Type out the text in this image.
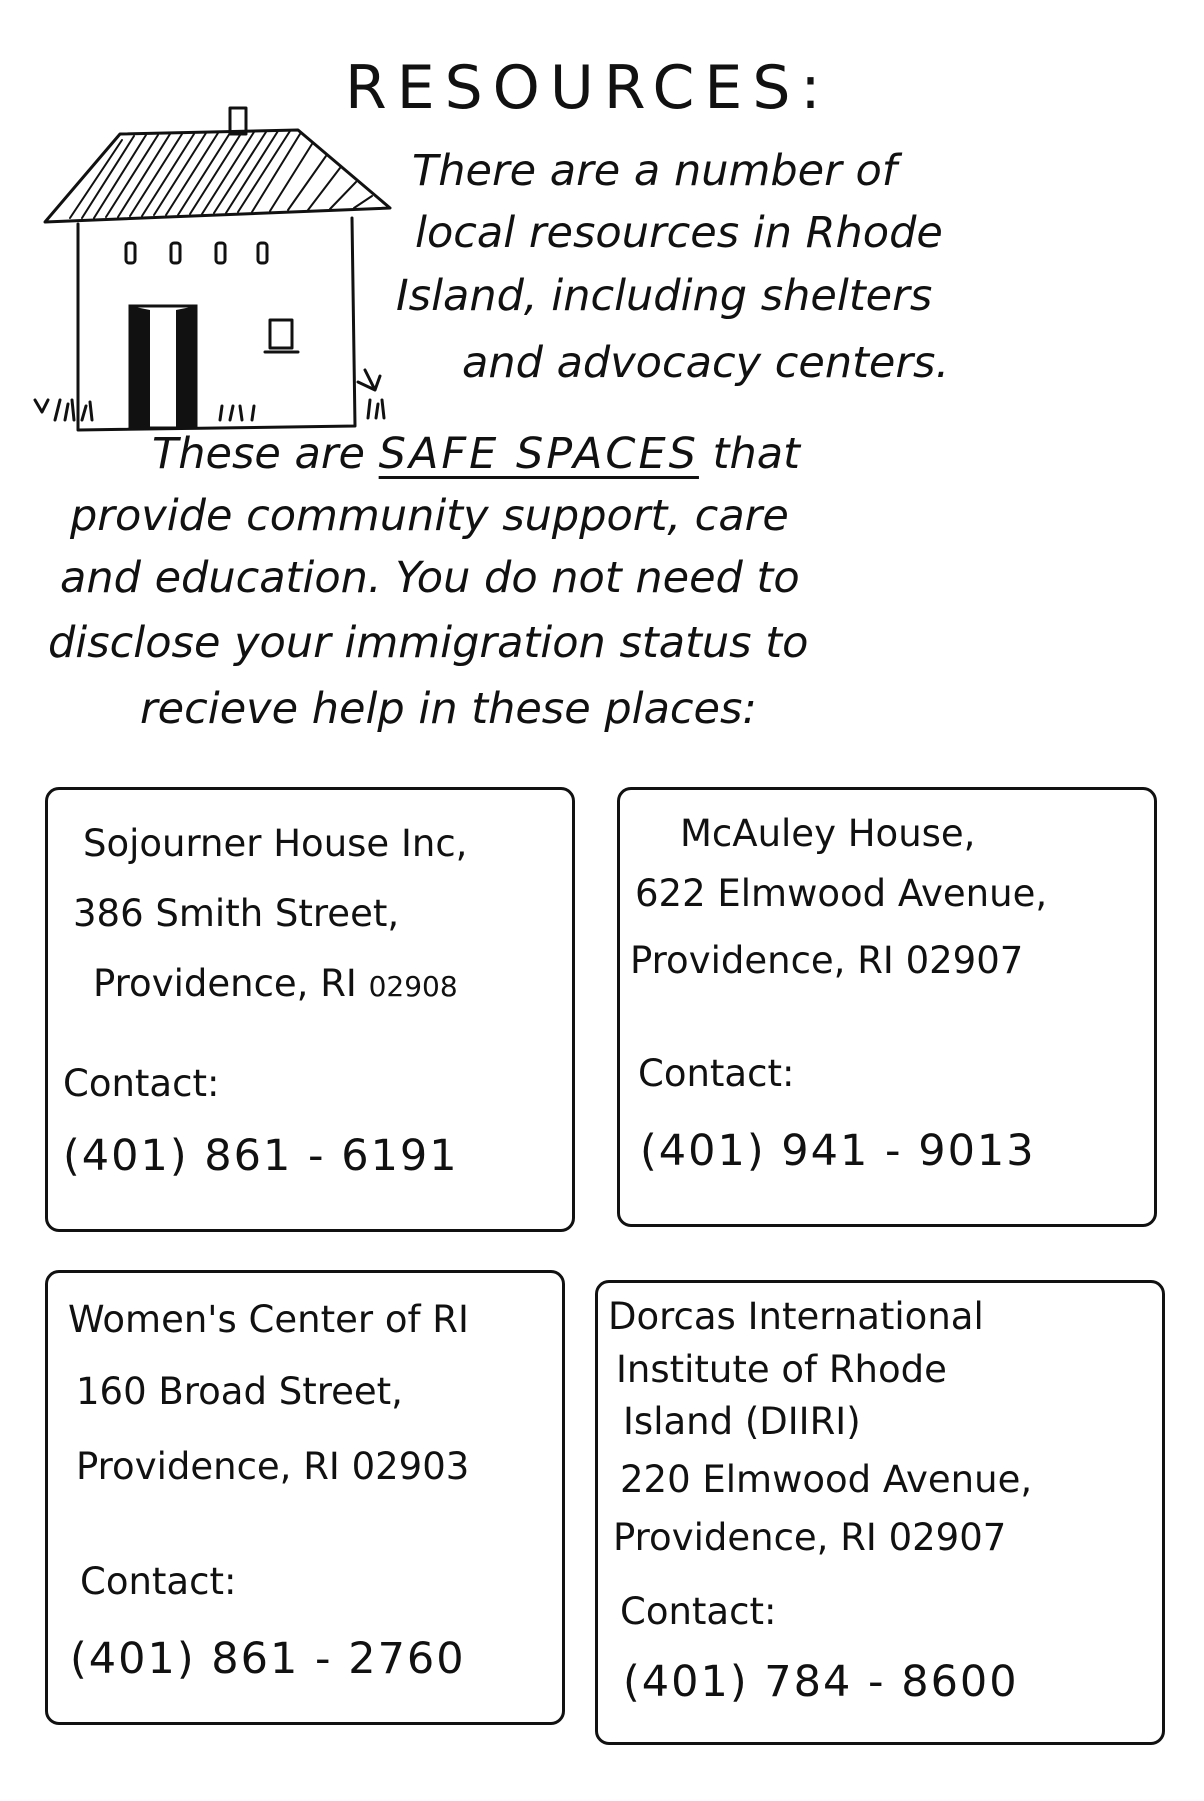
RESOURCES:

There are a number of

local resources in Rhode

Island, including shelters

and advocacy centers.

These are SAFE SPACES that

provide community support, care

and education. You do not need to

disclose your immigration status to

recieve help in these places:

Sojourner House Inc,

386 Smith Street,

Providence, RI 02908

Contact:

(401) 861 - 6191

McAuley House,

622 Elmwood Avenue,

Providence, RI 02907

Contact:

(401) 941 - 9013

Women's Center of RI

160 Broad Street,

Providence, RI 02903

Contact:

(401) 861 - 2760

Dorcas International

Institute of Rhode

Island (DIIRI)

220 Elmwood Avenue,

Providence, RI 02907

Contact:

(401) 784 - 8600
